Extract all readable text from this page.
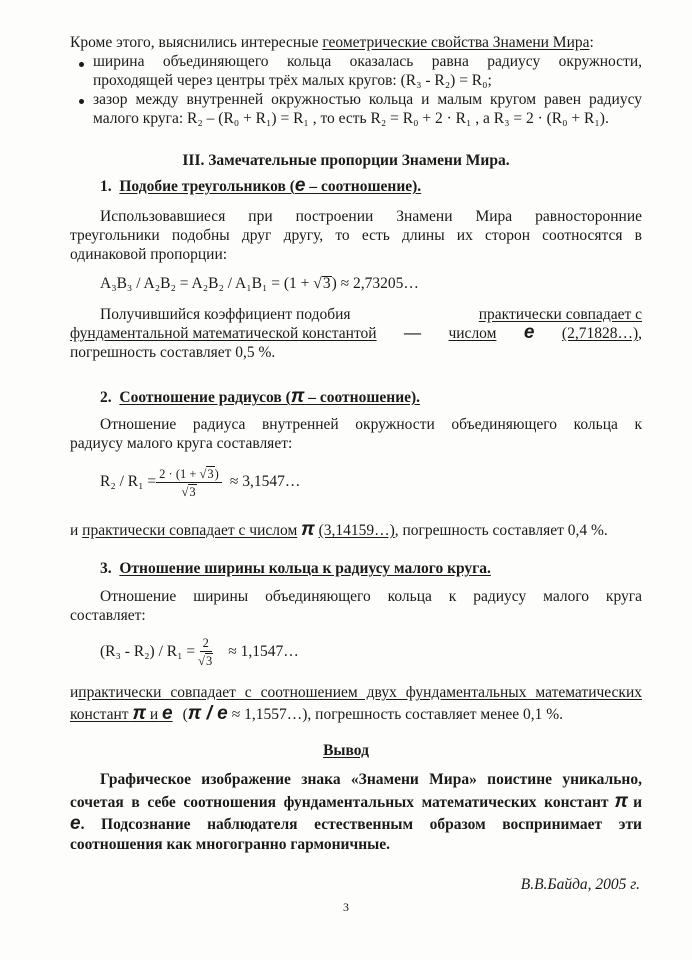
Кроме этого, выяснились интересные геометрические свойства Знамени Мира:
ширина объединяющего кольца оказалась равна радиусу окружности,
проходящей через центры трёх малых кругов: (R₃ - R₂) = R₀;
зазор между внутренней окружностью кольца и малым кругом равен радиусу
малого круга: R₂ – (R₀ + R₁) = R₁ , то есть R₂ = R₀ + 2 · R₁ , а R₃ = 2 · (R₀ + R₁).
III. Замечательные пропорции Знамени Мира.
1. Подобие треугольников (e – соотношение).
Использовавшиеся при построении Знамени Мира равносторонние
треугольники подобны друг другу, то есть длины их сторон соотносятся в
одинаковой пропорции:
A₃B₃ / A₂B₂ = A₂B₂ / A₁B₁ = (1 + √3) ≈ 2,73205…
Получившийся коэффициент подобия	практически совпадает с
фундаментальной математической константой — числом e (2,71828…),
погрешность составляет 0,5 %.
2. Соотношение радиусов (π – соотношение).
Отношение радиуса внутренней окружности объединяющего кольца к
радиусу малого круга составляет:
$R_2 / R_1 = \frac{2 \cdot (1 + √3)}{√3}$ ≈ 3,1547…
и практически совпадает с числом π (3,14159…), погрешность составляет 0,4 %.
3. Отношение ширины кольца к радиусу малого круга.
Отношение ширины объединяющего кольца к радиусу малого круга
составляет:
$(R_3 - R_2) / R_1 = \frac{2}{√3}$ ≈ 1,1547…
и практически совпадает с соотношением двух фундаментальных математических
констант π и e ( π / e ≈ 1,1557…), погрешность составляет менее 0,1 %.
Вывод
Графическое изображение знака «Знамени Мира» поистине уникально,
сочетая в себе соотношения фундаментальных математических констант π и
e . Подсознание наблюдателя естественным образом воспринимает эти
соотношения как многогранно гармоничные.
В.В.Байда, 2005 г.
3
